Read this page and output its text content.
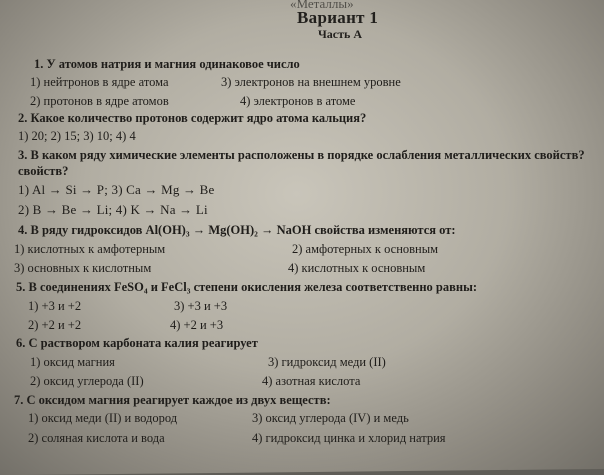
«Металлы»
Вариант 1
Часть А
1. У атомов натрия и магния одинаковое число
1) нейтронов в ядре атома	3) электронов на внешнем уровне
2) протонов в ядре атомов	4) электронов в атоме
2. Какое количество протонов содержит ядро атома кальция?
1) 20; 2) 15; 3) 10; 4) 4
3. В каком ряду химические элементы расположены в порядке ослабления металлических свойств?
свойств?
1) Al → Si → P; 3) Ca → Mg → Be
2) B → Be → Li; 4) K → Na → Li
4. В ряду гидроксидов Al(OH)₃ → Mg(OH)₂ → NaOH свойства изменяются от:
1) кислотных к амфотерным	2) амфотерных к основным
3) основных к кислотным	4) кислотных к основным
5. В соединениях FeSO₄ и FeCl₃ степени окисления железа соответственно равны:
1) +3 и +2	3) +3 и +3
2) +2 и +2	4) +2 и +3
6. С раствором карбоната калия реагирует
1) оксид магния	3) гидроксид меди (II)
2) оксид углерода (II)	4) азотная кислота
7. С оксидом магния реагирует каждое из двух веществ:
1) оксид меди (II) и водород	3) оксид углерода (IV) и медь
2) соляная кислота и вода	4) гидроксид цинка и хлорид натрия
